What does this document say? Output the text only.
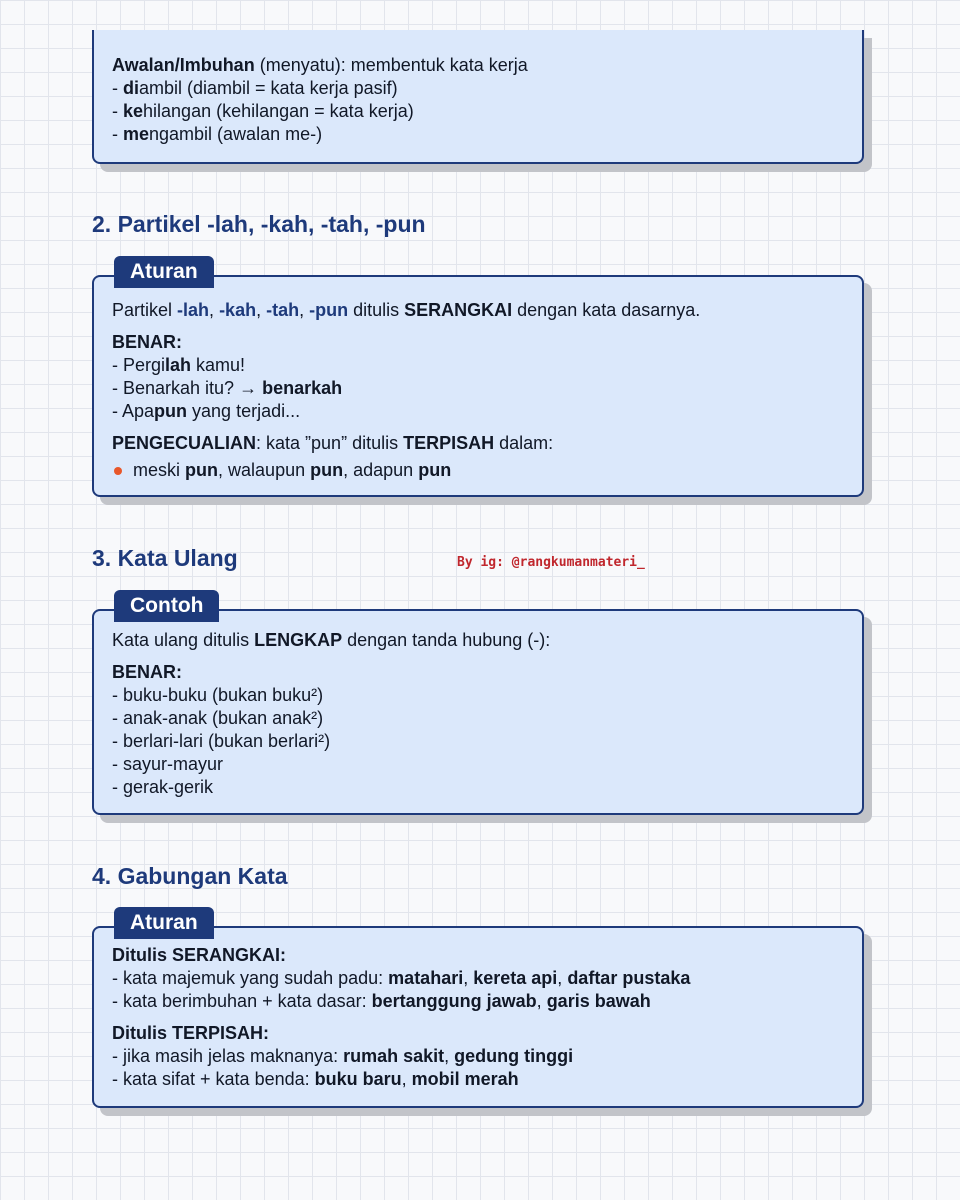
Awalan/Imbuhan (menyatu): membentuk kata kerja
- diambil (diambil = kata kerja pasif)
- kehilangan (kehilangan = kata kerja)
- mengambil (awalan me-)
2. Partikel -lah, -kah, -tah, -pun
Aturan
Partikel -lah, -kah, -tah, -pun ditulis SERANGKAI dengan kata dasarnya.
BENAR:
- Pergilah kamu!
- Benarkah itu? → benarkah
- Apapun yang terjadi...
PENGECUALIAN: kata ”pun” ditulis TERPISAH dalam:
meski
pun , walaupun
pun , adapun
pun
3. Kata Ulang	By ig: @rangkumanmateri_
Contoh
Kata ulang ditulis LENGKAP dengan tanda hubung (-):
BENAR:
- buku-buku (bukan buku²)
- anak-anak (bukan anak²)
- berlari-lari (bukan berlari²)
- sayur-mayur
- gerak-gerik
4. Gabungan Kata
Aturan
Ditulis SERANGKAI:
- kata majemuk yang sudah padu: matahari, kereta api, daftar pustaka
- kata berimbuhan + kata dasar: bertanggung jawab, garis bawah
Ditulis TERPISAH:
- jika masih jelas maknanya: rumah sakit, gedung tinggi
- kata sifat + kata benda: buku baru, mobil merah
